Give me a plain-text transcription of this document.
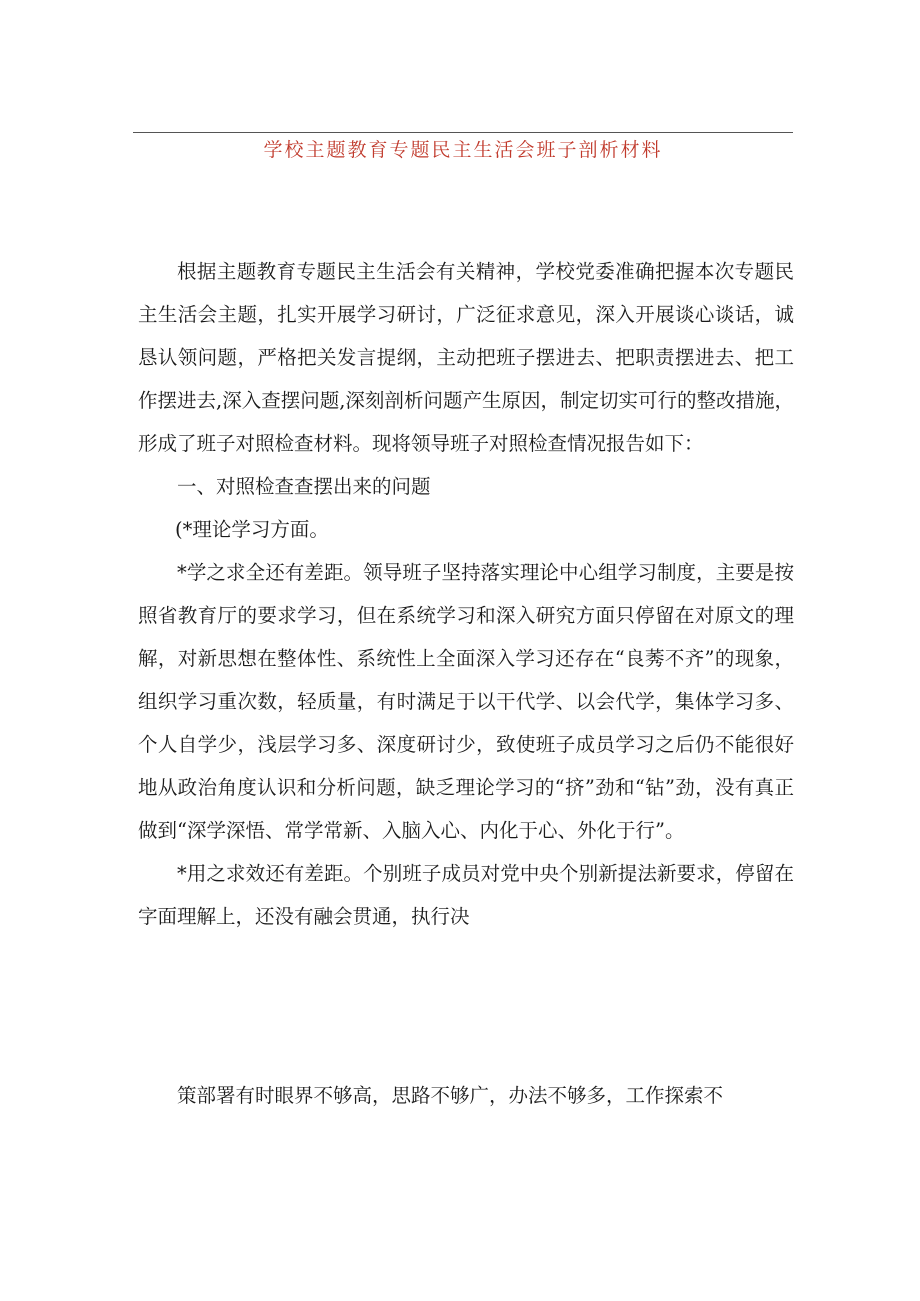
学校主题教育专题民主生活会班子剖析材料

根据主题教育专题民主生活会有关精神，学校党委准确把握本次专题民主生活会主题，扎实开展学习研讨，广泛征求意见，深入开展谈心谈话，诚恳认领问题，严格把关发言提纲，主动把班子摆进去、把职责摆进去、把工作摆进去,深入查摆问题,深刻剖析问题产生原因，制定切实可行的整改措施，形成了班子对照检查材料。现将领导班子对照检查情况报告如下：

一、对照检查查摆出来的问题

(*理论学习方面。

*学之求全还有差距。领导班子坚持落实理论中心组学习制度，主要是按照省教育厅的要求学习，但在系统学习和深入研究方面只停留在对原文的理解，对新思想在整体性、系统性上全面深入学习还存在“良莠不齐”的现象，组织学习重次数，轻质量，有时满足于以干代学、以会代学，集体学习多、个人自学少，浅层学习多、深度研讨少，致使班子成员学习之后仍不能很好地从政治角度认识和分析问题，缺乏理论学习的“挤”劲和“钻”劲，没有真正做到“深学深悟、常学常新、入脑入心、内化于心、外化于行”。

*用之求效还有差距。个别班子成员对党中央个别新提法新要求，停留在字面理解上，还没有融会贯通，执行决

策部署有时眼界不够高，思路不够广，办法不够多，工作探索不
